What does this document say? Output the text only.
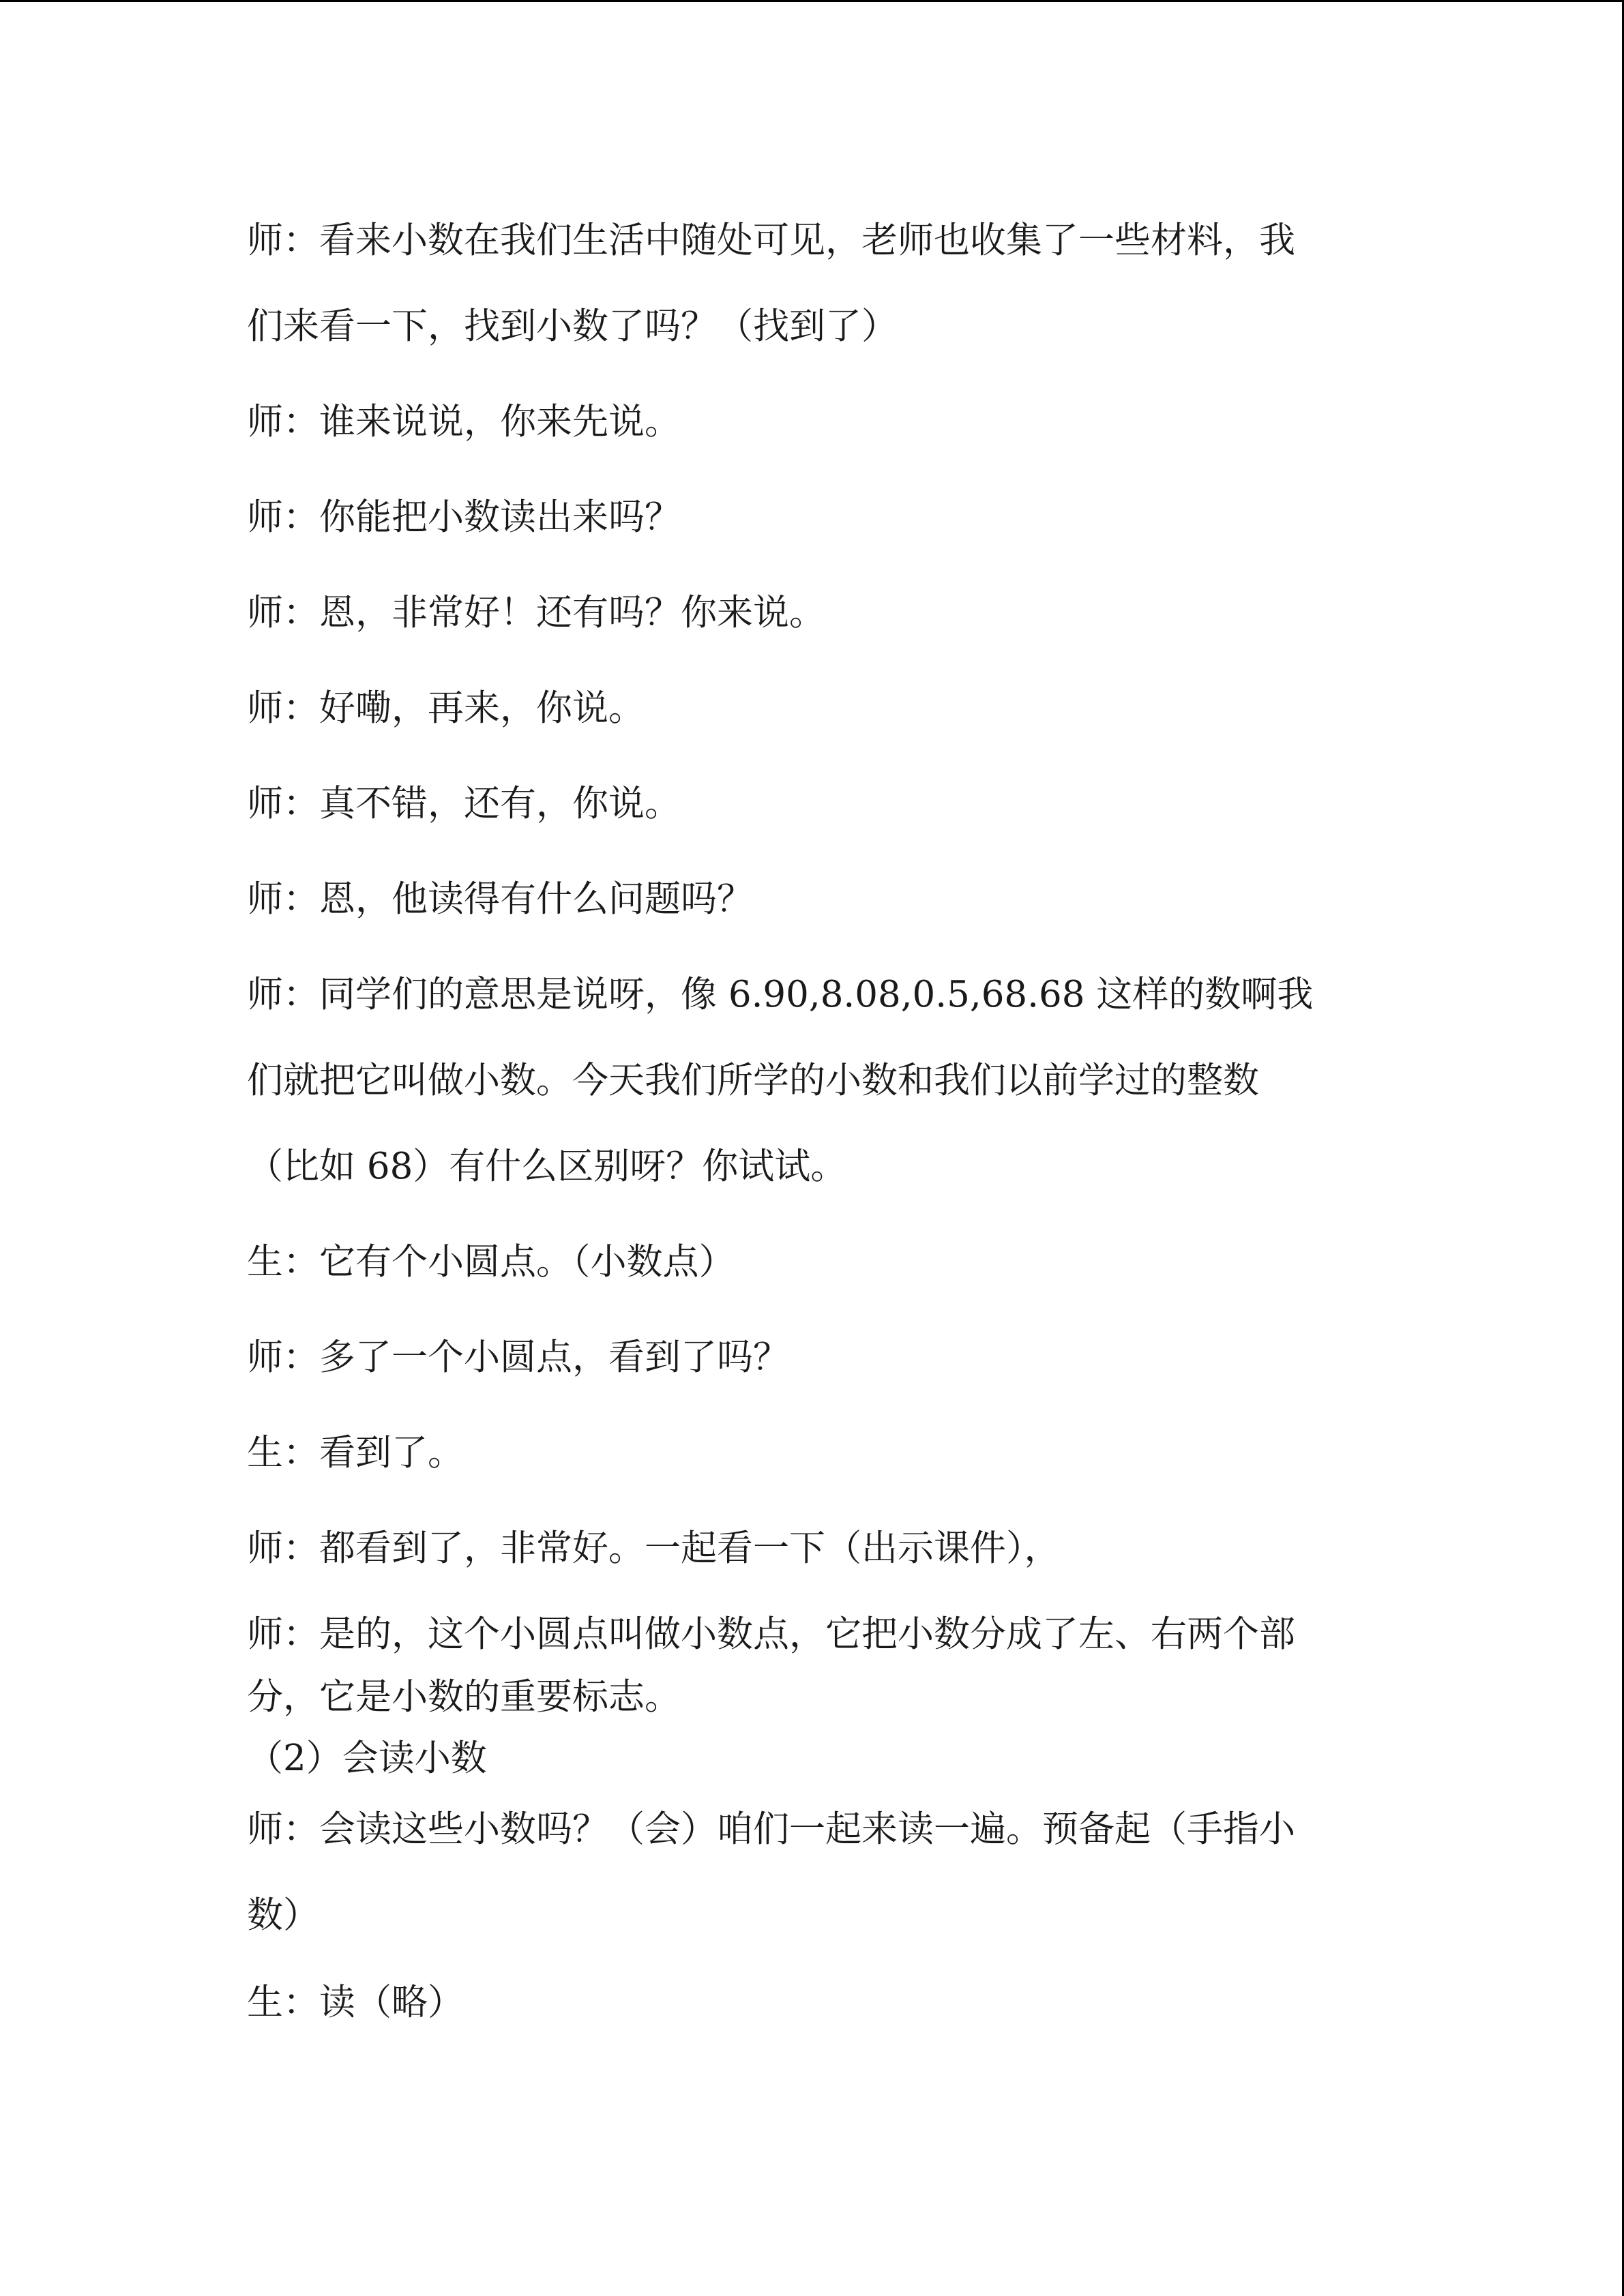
师：看来小数在我们生活中随处可见，老师也收集了一些材料，我
们来看一下，找到小数了吗？（找到了）
师：谁来说说，你来先说。
师：你能把小数读出来吗？
师：恩，非常好！还有吗？你来说。
师：好嘞，再来，你说。
师：真不错，还有，你说。
师：恩，他读得有什么问题吗？
师：同学们的意思是说呀，像 6.90,8.08,0.5,68.68 这样的数啊我
们就把它叫做小数。今天我们所学的小数和我们以前学过的整数
（比如 68）有什么区别呀？你试试。
生：它有个小圆点。（小数点）
师：多了一个小圆点，看到了吗？
生：看到了。
师：都看到了，非常好。一起看一下（出示课件），
师：是的，这个小圆点叫做小数点，它把小数分成了左、右两个部
分，它是小数的重要标志。
（2）会读小数
师：会读这些小数吗？（会）咱们一起来读一遍。预备起（手指小
数）
生：读（略）
